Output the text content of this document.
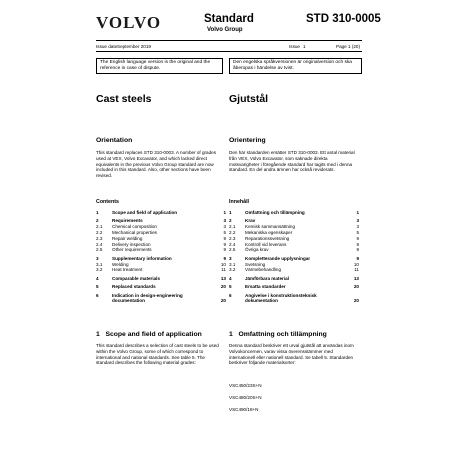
VOLVO	Standard
Volvo Group
STD 310-0005
Issue date September 2019	Issue 1	Page 1 (20)
The English language version is the original and the reference in case of dispute.
Den engelska språkversionen är originalversion och ska åberopas i händelse av tvist.
Cast steels	Gjutstål
Orientation	Orientering
This standard replaces STD 310-0003. A number of grades used at VEX, Volvo Excavator, and which lacked direct equivalents in the previous Volvo Group standard are now included in this standard. Also, other sections have been revised.
Den här standarden ersätter STD 310-0003. Ett antal material från VEX, Volvo Excavator, som saknade direkta motsvarigheter i föregående standard har tagits med i denna standard. En del andra ämnen har också reviderats.
Contents	Innehåll
1	Scope and field of application	1
2	Requirements	3
2.1 Chemical composition	3
2.2 Mechanical properties	5
2.3 Repair welding	9
2.4 Delivery inspection	9
2.5 Other requirements	9
3	Supplementary information	9
3.1 Welding	10
3.2 Heat treatment	11
4	Comparable materials	13
5	Replaced standards	20
6	Indication in design-engineering documentation	20
1	Omfattning och tillämpning	1
2	Krav	3
2.1 Kemisk sammansättning	3
2.2 Mekaniska egenskaper	5
2.3 Reparationssvetsning	9
2.4 Kontroll vid leverans	9
2.5 Övriga krav	9
3	Kompletterande upplysningar	9
3.1 Svetsning	10
3.2 Värmebehandling	11
4	Jämförbara material	13
5	Ersatta standarder	20
6	Angivelse i konstruktionsteknisk dokumentation	20
1   Scope and field of application	1   Omfattning och tillämpning
This standard describes a selection of cast steels to be used within the Volvo Group, some of which correspond to international and national standards. See table 5. The standard describes the following material grades:
Denna standard beskriver ett urval gjutstål att användas inom Volvokoncernen, varav vissa överensstämmer med internationell eller nationell standard. Se tabell 5. Standarden beskriver följande materialsorter:
VSC450/23S+N
VSC480/20S+N
VSC490/18+N
